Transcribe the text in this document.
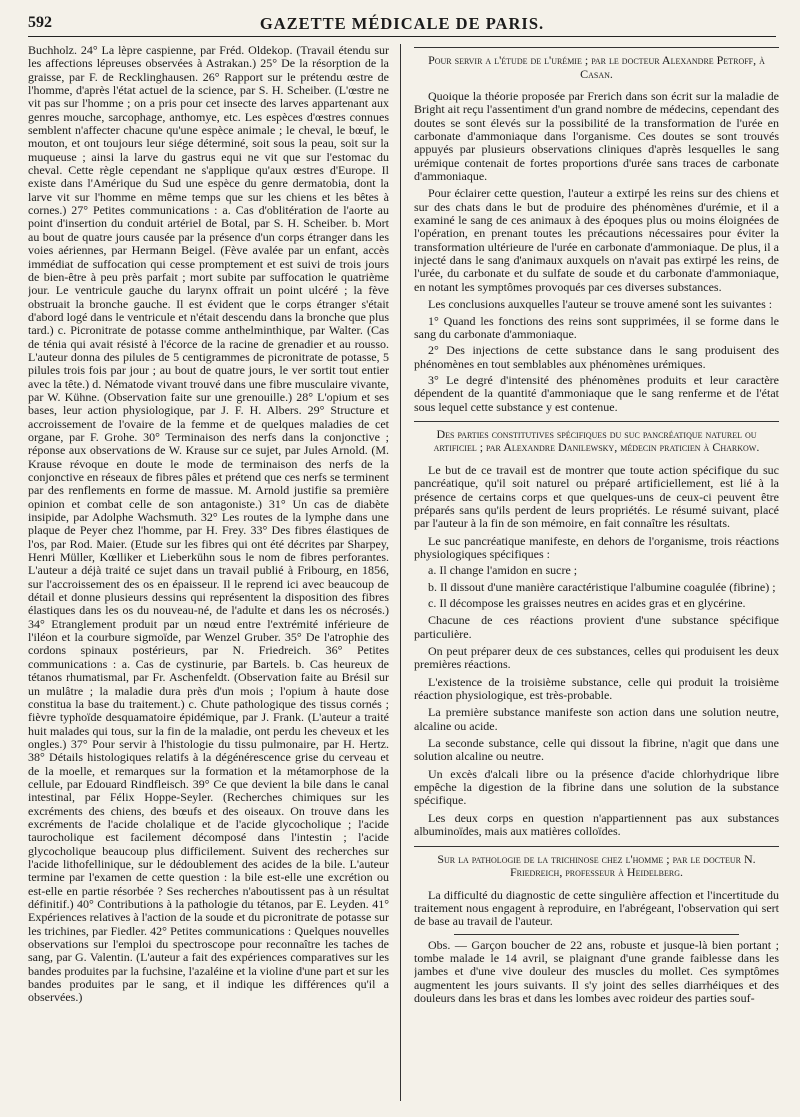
592	GAZETTE MÉDICALE DE PARIS.

Buchholz. 24° La lèpre caspienne, par Fréd. Oldekop. (Travail étendu sur les affections lépreuses observées à Astrakan.) 25° De la résorption de la graisse, par F. de Recklinghausen. 26° Rapport sur le prétendu œstre de l'homme, d'après l'état actuel de la science, par S. H. Scheiber. (L'œstre ne vit pas sur l'homme ; on a pris pour cet insecte des larves appartenant aux genres mouche, sarcophage, anthomye, etc. Les espèces d'œstres connues semblent n'affecter chacune qu'une espèce animale ; le cheval, le bœuf, le mouton, et ont toujours leur siége déterminé, soit sous la peau, soit sur la muqueuse ; ainsi la larve du gastrus equi ne vit que sur l'estomac du cheval. Cette règle cependant ne s'applique qu'aux œstres d'Europe. Il existe dans l'Amérique du Sud une espèce du genre dermatobia, dont la larve vit sur l'homme en même temps que sur les chiens et les bêtes à cornes.) 27° Petites communications : a. Cas d'oblitération de l'aorte au point d'insertion du conduit artériel de Botal, par S. H. Scheiber. b. Mort au bout de quatre jours causée par la présence d'un corps étranger dans les voies aériennes, par Hermann Beigel. (Fève avalée par un enfant, accès immédiat de suffocation qui cesse promptement et est suivi de trois jours de bien-être à peu près parfait ; mort subite par suffocation le quatrième jour. Le ventricule gauche du larynx offrait un point ulcéré ; la fève obstruait la bronche gauche. Il est évident que le corps étranger s'était d'abord logé dans le ventricule et n'était descendu dans la bronche que plus tard.) c. Picronitrate de potasse comme anthelminthique, par Walter. (Cas de ténia qui avait résisté à l'écorce de la racine de grenadier et au rousso. L'auteur donna des pilules de 5 centigrammes de picronitrate de potasse, 5 pilules trois fois par jour ; au bout de quatre jours, le ver sortit tout entier avec la tête.) d. Nématode vivant trouvé dans une fibre musculaire vivante, par W. Kühne. (Observation faite sur une grenouille.) 28° L'opium et ses bases, leur action physiologique, par J. F. H. Albers. 29° Structure et accroissement de l'ovaire de la femme et de quelques maladies de cet organe, par F. Grohe. 30° Terminaison des nerfs dans la conjonctive ; réponse aux observations de W. Krause sur ce sujet, par Jules Arnold. (M. Krause révoque en doute le mode de terminaison des nerfs de la conjonctive en réseaux de fibres pâles et prétend que ces nerfs se terminent par des renflements en forme de massue. M. Arnold justifie sa première opinion et combat celle de son antagoniste.) 31° Un cas de diabète insipide, par Adolphe Wachsmuth. 32° Les routes de la lymphe dans une plaque de Peyer chez l'homme, par H. Frey. 33° Des fibres élastiques de l'os, par Rod. Maier. (Etude sur les fibres qui ont été décrites par Sharpey, Henri Müller, Kœlliker et Lieberkühn sous le nom de fibres perforantes. L'auteur a déjà traité ce sujet dans un travail publié à Fribourg, en 1856, sur l'accroissement des os en épaisseur. Il le reprend ici avec beaucoup de détail et donne plusieurs dessins qui représentent la disposition des fibres élastiques dans les os du nouveau-né, de l'adulte et dans les os nécrosés.) 34° Etranglement produit par un nœud entre l'extrémité inférieure de l'iléon et la courbure sigmoïde, par Wenzel Gruber. 35° De l'atrophie des cordons spinaux postérieurs, par N. Friedreich. 36° Petites communications : a. Cas de cystinurie, par Bartels. b. Cas heureux de tétanos rhumatismal, par Fr. Aschenfeldt. (Observation faite au Brésil sur un mulâtre ; la maladie dura près d'un mois ; l'opium à haute dose constitua la base du traitement.) c. Chute pathologique des tissus cornés ; fièvre typhoïde desquamatoire épidémique, par J. Frank. (L'auteur a traité huit malades qui tous, sur la fin de la maladie, ont perdu les cheveux et les ongles.) 37° Pour servir à l'histologie du tissu pulmonaire, par H. Hertz. 38° Détails histologiques relatifs à la dégénérescence grise du cerveau et de la moelle, et remarques sur la formation et la métamorphose de la cellule, par Edouard Rindfleisch. 39° Ce que devient la bile dans le canal intestinal, par Félix Hoppe-Seyler. (Recherches chimiques sur les excréments des chiens, des bœufs et des oiseaux. On trouve dans les excréments de l'acide cholalique et de l'acide glycocholique ; l'acide taurocholique est facilement décomposé dans l'intestin ; l'acide glycocholique beaucoup plus difficilement. Suivent des recherches sur l'acide lithofellinique, sur le dédoublement des acides de la bile. L'auteur termine par l'examen de cette question : la bile est-elle une excrétion ou est-elle en partie résorbée ? Ses recherches n'aboutissent pas à un résultat définitif.) 40° Contributions à la pathologie du tétanos, par E. Leyden. 41° Expériences relatives à l'action de la soude et du picronitrate de potasse sur les trichines, par Fiedler. 42° Petites communications : Quelques nouvelles observations sur l'emploi du spectroscope pour reconnaître les taches de sang, par G. Valentin. (L'auteur a fait des expériences comparatives sur les bandes produites par la fuchsine, l'azaléine et la violine d'une part et sur les bandes produites par le sang, et il indique les différences qu'il a observées.)

Pour servir a l'étude de l'urémie ; par le docteur Alexandre Petroff, à Casan.

Quoique la théorie proposée par Frerich dans son écrit sur la maladie de Bright ait reçu l'assentiment d'un grand nombre de médecins, cependant des doutes se sont élevés sur la possibilité de la transformation de l'urée en carbonate d'ammoniaque dans l'organisme. Ces doutes se sont trouvés appuyés par plusieurs observations cliniques d'après lesquelles le sang urémique contenait de fortes proportions d'urée sans traces de carbonate d'ammoniaque.

Pour éclairer cette question, l'auteur a extirpé les reins sur des chiens et sur des chats dans le but de produire des phénomènes d'urémie, et il a examiné le sang de ces animaux à des époques plus ou moins éloignées de l'opération, en prenant toutes les précautions nécessaires pour éviter la transformation ultérieure de l'urée en carbonate d'ammoniaque. De plus, il a injecté dans le sang d'animaux auxquels on n'avait pas extirpé les reins, de l'urée, du carbonate et du sulfate de soude et du carbonate d'ammoniaque, en notant les symptômes provoqués par ces diverses substances.

Les conclusions auxquelles l'auteur se trouve amené sont les suivantes :

1° Quand les fonctions des reins sont supprimées, il se forme dans le sang du carbonate d'ammoniaque.

2° Des injections de cette substance dans le sang produisent des phénomènes en tout semblables aux phénomènes urémiques.

3° Le degré d'intensité des phénomènes produits et leur caractère dépendent de la quantité d'ammoniaque que le sang renferme et de l'état sous lequel cette substance y est contenue.

Des parties constitutives spécifiques du suc pancréatique naturel ou artificiel ; par Alexandre Danilewsky, médecin praticien à Charkow.

Le but de ce travail est de montrer que toute action spécifique du suc pancréatique, qu'il soit naturel ou préparé artificiellement, est lié à la présence de certains corps et que quelques-uns de ceux-ci peuvent être préparés sans qu'ils perdent de leurs propriétés. Le résumé suivant, placé par l'auteur à la fin de son mémoire, en fait connaître les résultats.

Le suc pancréatique manifeste, en dehors de l'organisme, trois réactions physiologiques spécifiques :

a. Il change l'amidon en sucre ;

b. Il dissout d'une manière caractéristique l'albumine coagulée (fibrine) ;

c. Il décompose les graisses neutres en acides gras et en glycérine.

Chacune de ces réactions provient d'une substance spécifique particulière.

On peut préparer deux de ces substances, celles qui produisent les deux premières réactions.

L'existence de la troisième substance, celle qui produit la troisième réaction physiologique, est très-probable.

La première substance manifeste son action dans une solution neutre, alcaline ou acide.

La seconde substance, celle qui dissout la fibrine, n'agit que dans une solution alcaline ou neutre.

Un excès d'alcali libre ou la présence d'acide chlorhydrique libre empêche la digestion de la fibrine dans une solution de la substance spécifique.

Les deux corps en question n'appartiennent pas aux substances albuminoïdes, mais aux matières colloïdes.

Sur la pathologie de la trichinose chez l'homme ; par le docteur N. Friedreich, professeur à Heidelberg.

La difficulté du diagnostic de cette singulière affection et l'incertitude du traitement nous engagent à reproduire, en l'abrégeant, l'observation qui sert de base au travail de l'auteur.

Obs. — Garçon boucher de 22 ans, robuste et jusque-là bien portant ; tombe malade le 14 avril, se plaignant d'une grande faiblesse dans les jambes et d'une vive douleur des muscles du mollet. Ces symptômes augmentent les jours suivants. Il s'y joint des selles diarrhéiques et des douleurs dans les bras et dans les lombes avec roideur des parties souf-
